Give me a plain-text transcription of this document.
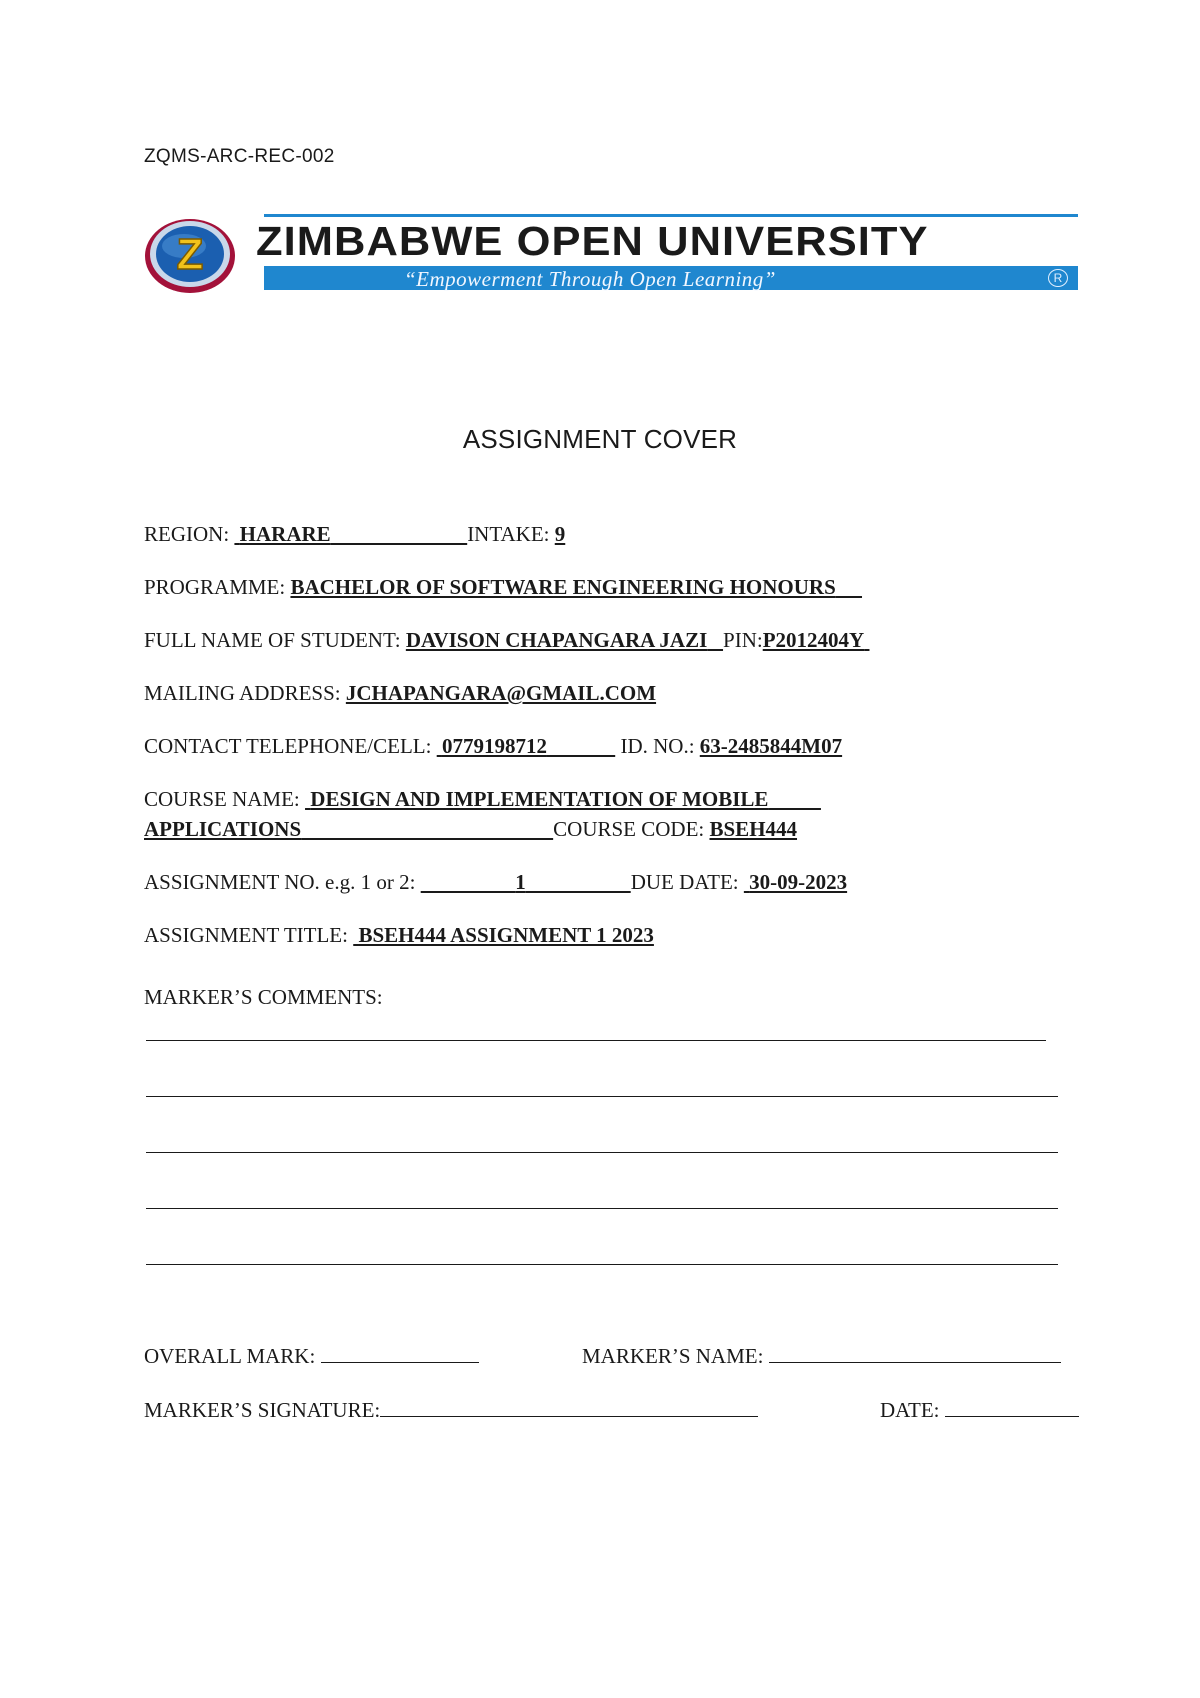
ZQMS-ARC-REC-002
Z ZIMBABWE OPEN UNIVERSITY
“Empowerment Through Open Learning”	R
ASSIGNMENT COVER
REGION:  HARARE	INTAKE: 9
PROGRAMME: BACHELOR OF SOFTWARE ENGINEERING HONOURS
FULL NAME OF STUDENT: DAVISON CHAPANGARA JAZI PIN:P2012404Y
MAILING ADDRESS: JCHAPANGARA@GMAIL.COM
CONTACT TELEPHONE/CELL:  0779198712	ID. NO.: 63-2485844M07
COURSE NAME:  DESIGN AND IMPLEMENTATION OF MOBILE
APPLICATIONS	COURSE CODE: BSEH444
ASSIGNMENT NO. e.g. 1 or 2:	1	DUE DATE:  30-09-2023
ASSIGNMENT TITLE:  BSEH444 ASSIGNMENT 1 2023
MARKER’S COMMENTS:
OVERALL MARK:	MARKER’S NAME:
MARKER’S SIGNATURE:	DATE:
